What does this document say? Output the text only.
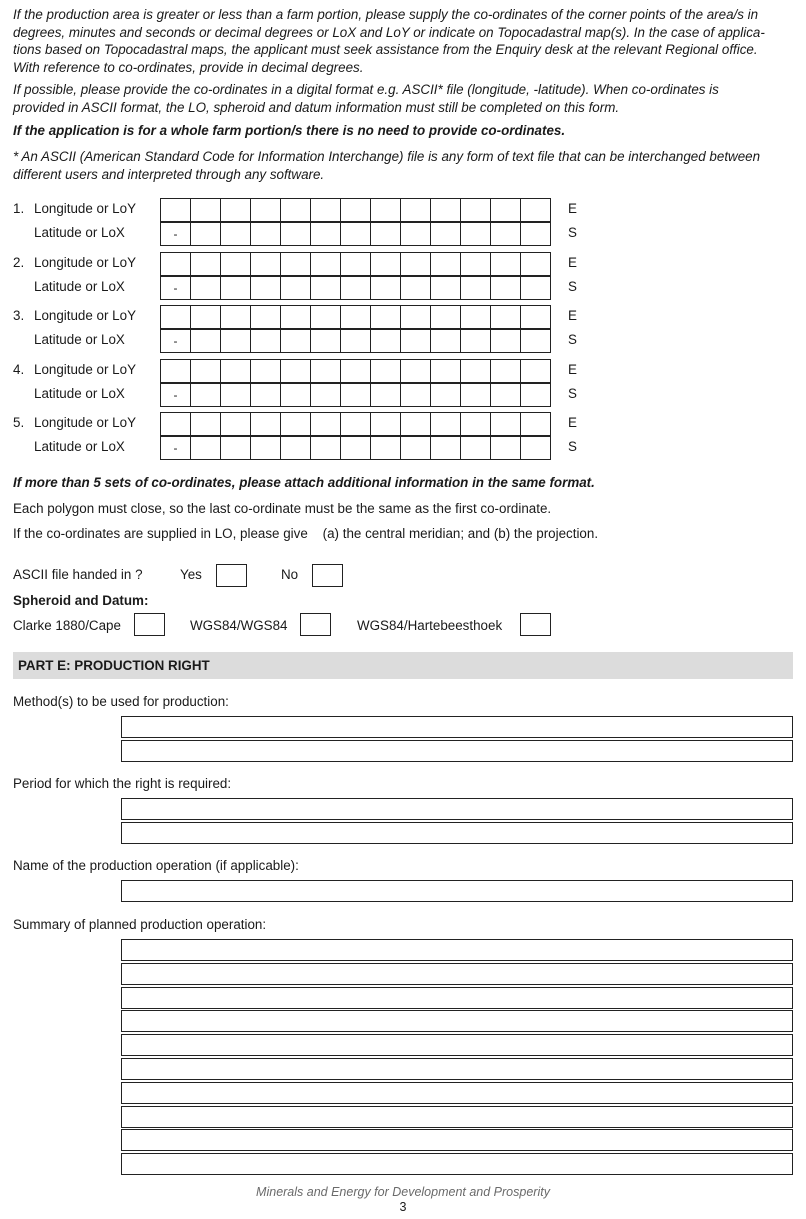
If the production area is greater or less than a farm portion, please supply the co-ordinates of the corner points of the area/s in
degrees, minutes and seconds or decimal degrees or LoX and LoY or indicate on Topocadastral map(s). In the case of applica-
tions based on Topocadastral maps, the applicant must seek assistance from the Enquiry desk at the relevant Regional office.
With reference to co-ordinates, provide in decimal degrees.
If possible, please provide the co-ordinates in a digital format e.g. ASCII* file (longitude, -latitude). When co-ordinates is
provided in ASCII format, the LO, spheroid and datum information must still be completed on this form.
If the application is for a whole farm portion/s there is no need to provide co-ordinates.
* An ASCII (American Standard Code for Information Interchange) file is any form of text file that can be interchanged between
different users and interpreted through any software.
1. Longitude or LoY	E
Latitude or LoX	-	S
2. Longitude or LoY	E
Latitude or LoX	-	S
3. Longitude or LoY	E
Latitude or LoX	-	S
4. Longitude or LoY	E
Latitude or LoX	-	S
5. Longitude or LoY	E
Latitude or LoX	-	S
If more than 5 sets of co-ordinates, please attach additional information in the same format.
Each polygon must close, so the last co-ordinate must be the same as the first co-ordinate.
If the co-ordinates are supplied in LO, please give    (a) the central meridian; and (b) the projection.
ASCII file handed in ?	Yes	No
Spheroid and Datum:
Clarke 1880/Cape	WGS84/WGS84	WGS84/Hartebeesthoek
PART E: PRODUCTION RIGHT
Method(s) to be used for production:
Period for which the right is required:
Name of the production operation (if applicable):
Summary of planned production operation:
Minerals and Energy for Development and Prosperity
3
